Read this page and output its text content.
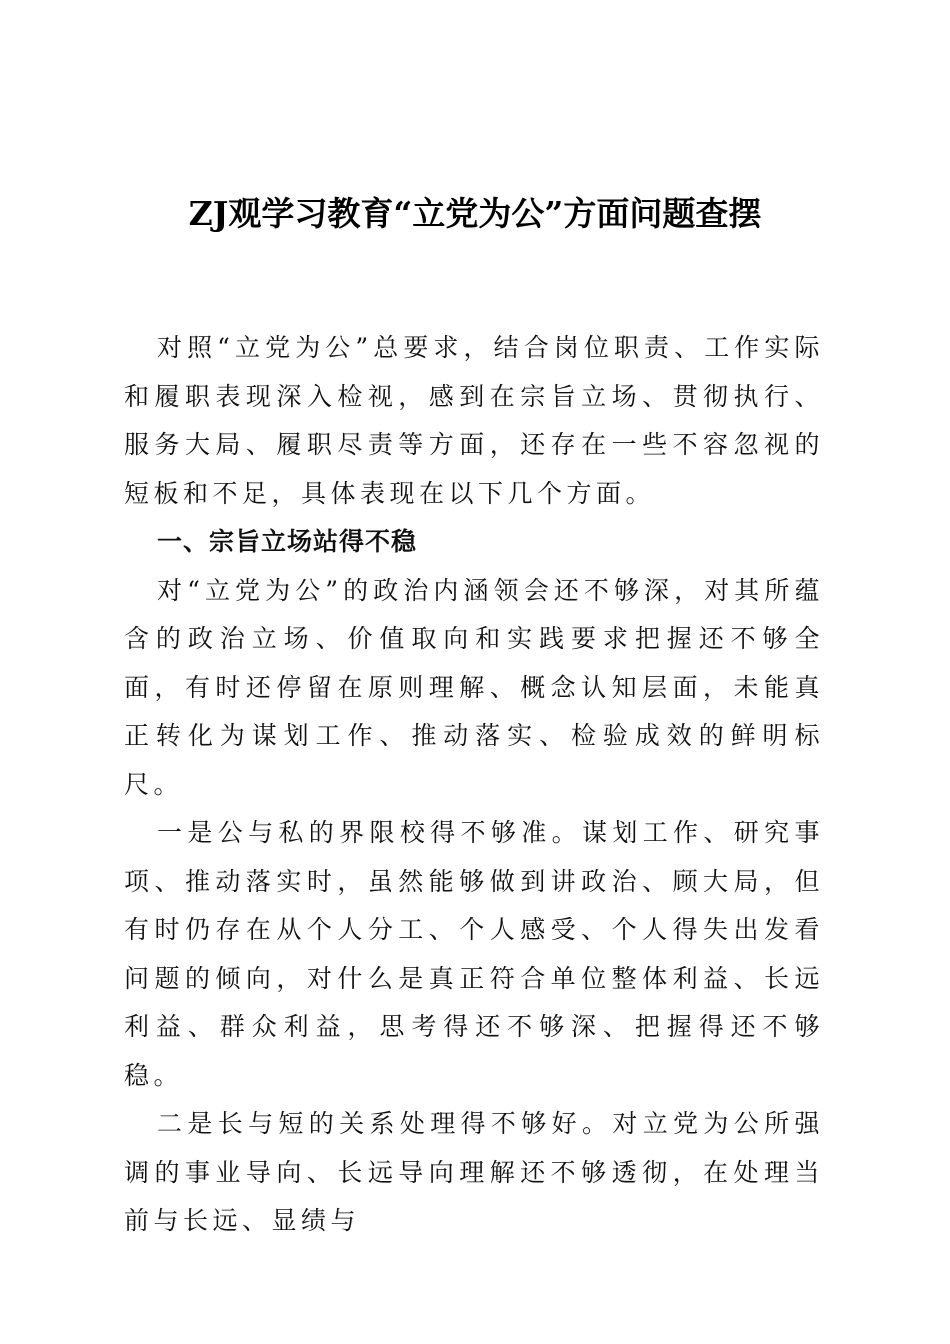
ZJ观学习教育“立党为公”方面问题查摆

对照“立党为公”总要求，结合岗位职责、工作实际和履职表现深入检视，感到在宗旨立场、贯彻执行、服务大局、履职尽责等方面，还存在一些不容忽视的短板和不足，具体表现在以下几个方面。

一、宗旨立场站得不稳

对“立党为公”的政治内涵领会还不够深，对其所蕴含的政治立场、价值取向和实践要求把握还不够全面，有时还停留在原则理解、概念认知层面，未能真正转化为谋划工作、推动落实、检验成效的鲜明标尺。

一是公与私的界限校得不够准。谋划工作、研究事项、推动落实时，虽然能够做到讲政治、顾大局，但有时仍存在从个人分工、个人感受、个人得失出发看问题的倾向，对什么是真正符合单位整体利益、长远利益、群众利益，思考得还不够深、把握得还不够稳。

二是长与短的关系处理得不够好。对立党为公所强调的事业导向、长远导向理解还不够透彻，在处理当前与长远、显绩与
